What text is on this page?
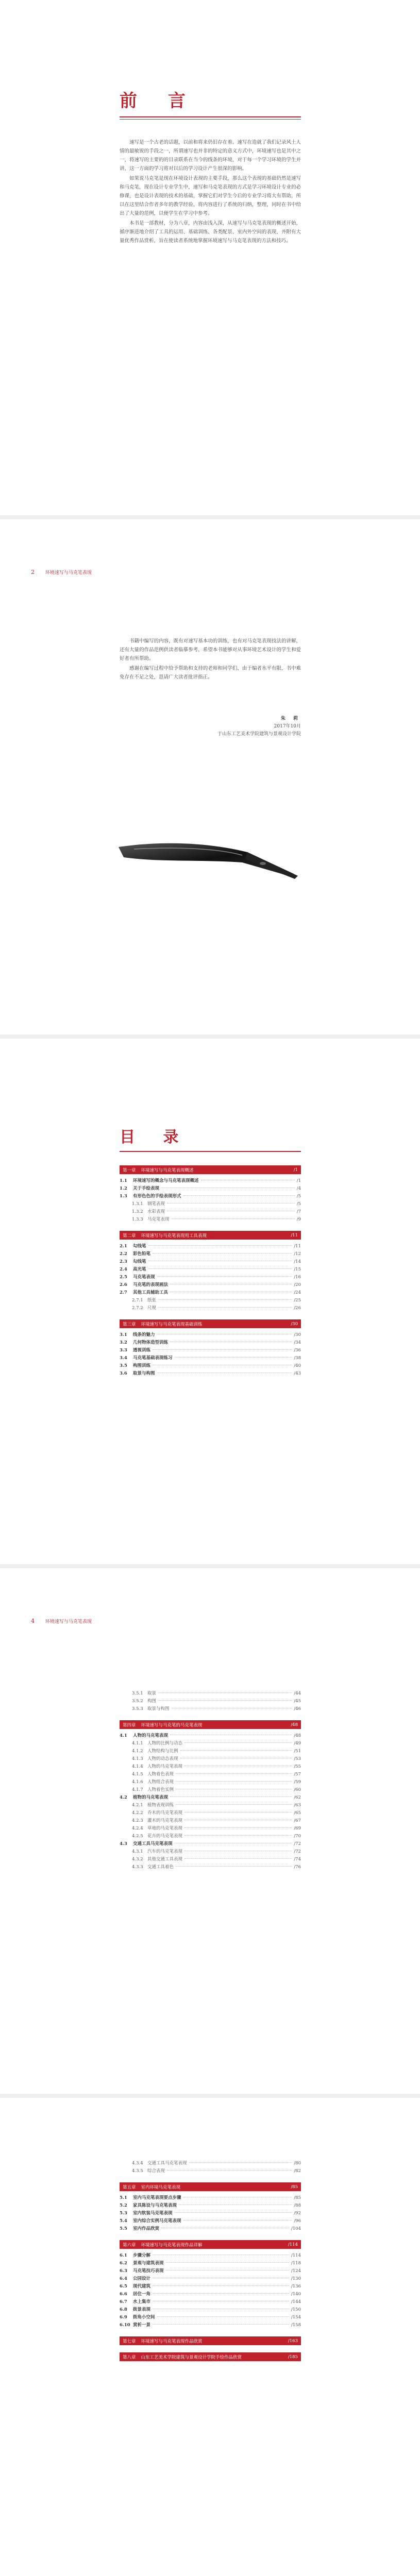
前 言

速写是一个古老的话题，以前和将来仍旧存在着。速写在造就了我们记录风土人情的最敏锐的手段之一，所谓速写也并非的特定的意义方式中，环境速写也是其中之一，将速写的主要的的目录联系在当今的线条的环境，对于每一个学习环境的学生并讲，这一方面的学习将对以后的学习设计产生很深的影响。

如果说马克笔是现在环境设计表现的主要手段，那么这个表现的基础仍然是速写和马克笔，现在设计专业学生中，速写和马克笔表现的方式是学习环境设计专业的必修课，也是设计表现的技术的基础，掌握它们对学生今后的专业学习将大有帮助，所以在这里结合作者多年的教学经验，将内容进行了系统的归纳，整理，同时在书中给出了大量的范例，以便学生在学习中参考。

本书是一部教材，分为八章，内容由浅入深，从速写与马克笔表现的概述开始，循序渐进地介绍了工具的运用、基础训练、各类配景、室内外空间的表现，并附有大量优秀作品赏析，旨在使读者系统地掌握环境速写与马克笔表现的方法和技巧。

2 环境速写与马克笔表现

书籍中编写的内容，既有对速写基本功的训练，也有对马克笔表现技法的讲解，还有大量的作品范例供读者临摹参考，希望本书能够对从事环境艺术设计的学生和爱好者有所帮助。

感谢在编写过程中给予帮助和支持的老师和同学们，由于编者水平有限，书中难免存在不足之处，恳请广大读者批评指正。

朱 莉
2017年10月
于山东工艺美术学院建筑与景观设计学院
目 录
第一章 环境速写与马克笔表现概述	/1
1.1	环境速写的概念与马克笔表现概述	/1
1.2	关于手绘表现	/4
1.3	有形色色的手绘表现形式	/5
1.3.1 钢笔表现	/5
1.3.2 水彩表现	/7
1.3.3 马克笔表现	/9
第二章 环境速写与马克笔表现用工具表现	/11
2.1	勾线笔	/11
2.2	彩色铅笔	/12
2.3	勾线笔	/14
2.4	高光笔	/15
2.5	马克笔表现	/16
2.6	马克笔的表现画法	/20
2.7	其他工具辅助工具	/24
2.7.1 纸张	/25
2.7.2 尺规	/26
第三章 环境速写与马克笔表现基础训练	/30
3.1	线条的魅力	/30
3.2	几何物体造型训练	/34
3.3	透视训练	/36
3.4	马克笔基础表现练习	/38
3.5	构图训练	/40
3.6	取景与构图	/43
4 环境速写与马克笔表现
3.5.1 取景	/44
3.5.2 构图	/45
3.5.3 取景与构图	/46
第四章 环境速写与马克笔的马克笔表现	/48
4.1	人物的马克笔表现	/48
4.1.1 人物的比例与动态	/49
4.1.2 人物结构与比例	/51
4.1.3 人物的动态表现	/53
4.1.4 人物的马克笔表现	/55
4.1.5 人物着色表现	/57
4.1.6 人物组合表现	/59
4.1.7 人物着色实例	/60
4.2	植物的马克笔表现	/62
4.2.1 植物表现训练	/63
4.2.2 乔木的马克笔表现	/65
4.2.3 灌木的马克笔表现	/67
4.2.4 草地的马克笔表现	/69
4.2.5 花卉的马克笔表现	/70
4.3	交通工具马克笔表现	/72
4.3.1 汽车的马克笔表现	/72
4.3.2 其他交通工具表现	/74
4.3.3 交通工具着色	/76
4.3.4 交通工具马克笔表现	/80
4.3.5 综合表现	/82
第五章 室内环境马克笔表现	/85
5.1	室内马克笔表现要点步骤	/85
5.2	家具陈设与马克笔表现	/88
5.3	室内软装马克笔表现	/92
5.4	室内综合实例马克笔表现	/96
5.5	室内作品欣赏	/104
第六章 环境速写与马克笔表现作品详解	/114
6.1	步骤分解	/114
6.2	景观与建筑表现	/118
6.3	马克笔技巧表现	/124
6.4	公园设计	/130
6.5	现代建筑	/136
6.6	居住一角	/140
6.7	水上集市	/144
6.8	街景表现	/150
6.9	街角小空间	/154
6.10 赏析一景	/158
第七章 环境速写与马克笔表现作品欣赏	/163
第八章 山东工艺美术学院建筑与景观设计学院手绘作品欣赏	/185
